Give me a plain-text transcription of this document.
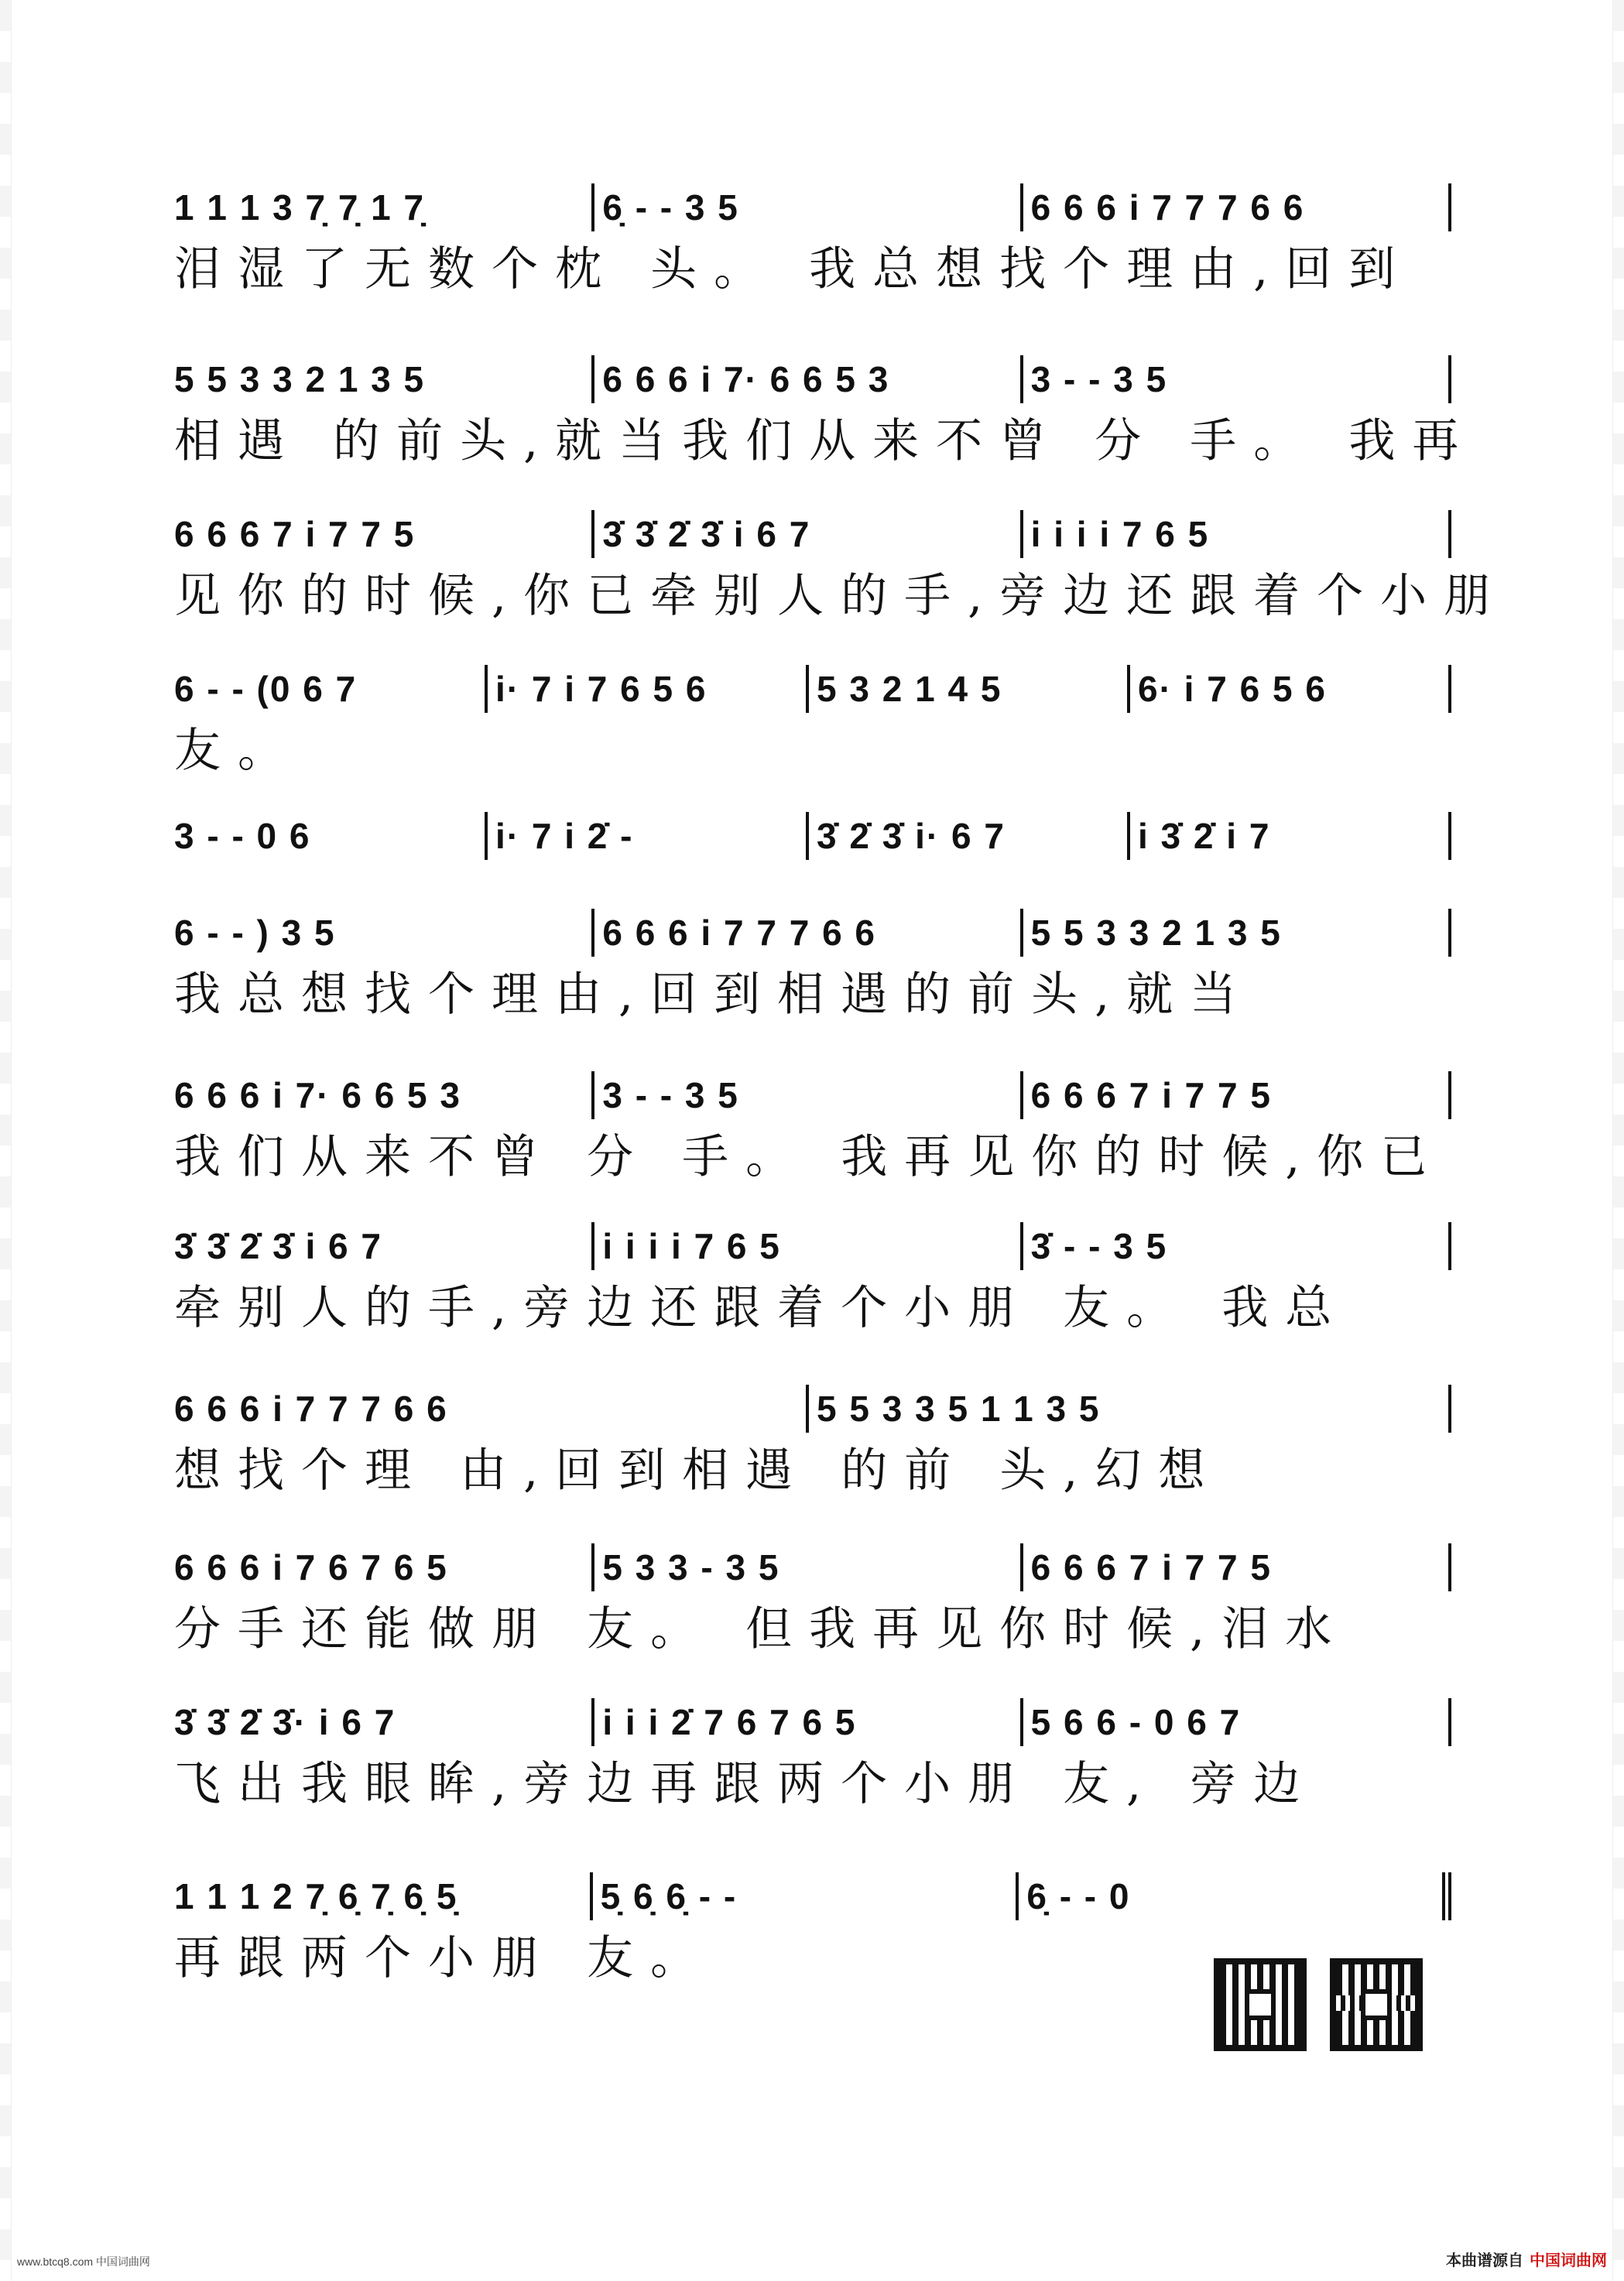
1 1 1 3 7̣ 7̣ 1 7̣	6̣ - - 3 5	6 6 6 i 7 7 7 6 6
泪湿了无数个枕 头。 我总想找个理由,回到
5 5 3 3 2 1 3 5	6 6 6 i 7· 6 6 5 3	3 - - 3 5
相遇 的前头,就当我们从来不曾 分 手。 我再
6 6 6 7 i 7 7 5	3̇ 3̇ 2̇ 3̇ i 6 7	i i i i 7 6 5
见你的时候,你已牵别人的手,旁边还跟着个小朋
6 - - (0 6 7	i· 7 i 7 6 5 6	5 3 2 1 4 5	6· i 7 6 5 6
友。
3 - - 0 6	i· 7 i 2̇ -	3̇ 2̇ 3̇ i· 6 7	i 3̇ 2̇ i 7
6 - - ) 3 5	6 6 6 i 7 7 7 6 6	5 5 3 3 2 1 3 5
我总想找个理由,回到相遇的前头,就当
6 6 6 i 7· 6 6 5 3	3 - - 3 5	6 6 6 7 i 7 7 5
我们从来不曾 分 手。 我再见你的时候,你已
3̇ 3̇ 2̇ 3̇ i 6 7	i i i i 7 6 5	3̇ - - 3 5
牵别人的手,旁边还跟着个小朋 友。 我总
6 6 6 i 7 7 7 6 6	5 5 3 3 5 1 1 3 5
想找个理 由,回到相遇 的前 头,幻想
6 6 6 i 7 6 7 6 5	5 3 3 - 3 5	6 6 6 7 i 7 7 5
分手还能做朋 友。 但我再见你时候,泪水
3̇ 3̇ 2̇ 3̇· i 6 7	i i i 2̇ 7 6 7 6 5	5 6 6 - 0 6 7
飞出我眼眸,旁边再跟两个小朋 友, 旁边
1 1 1 2 7̣ 6̣ 7̣ 6̣ 5̣	5̣ 6̣ 6̣ - -	6̣ - - 0
再跟两个小朋 友。
www.btcq8.com 中国词曲网	本曲谱源自 中国词曲网
